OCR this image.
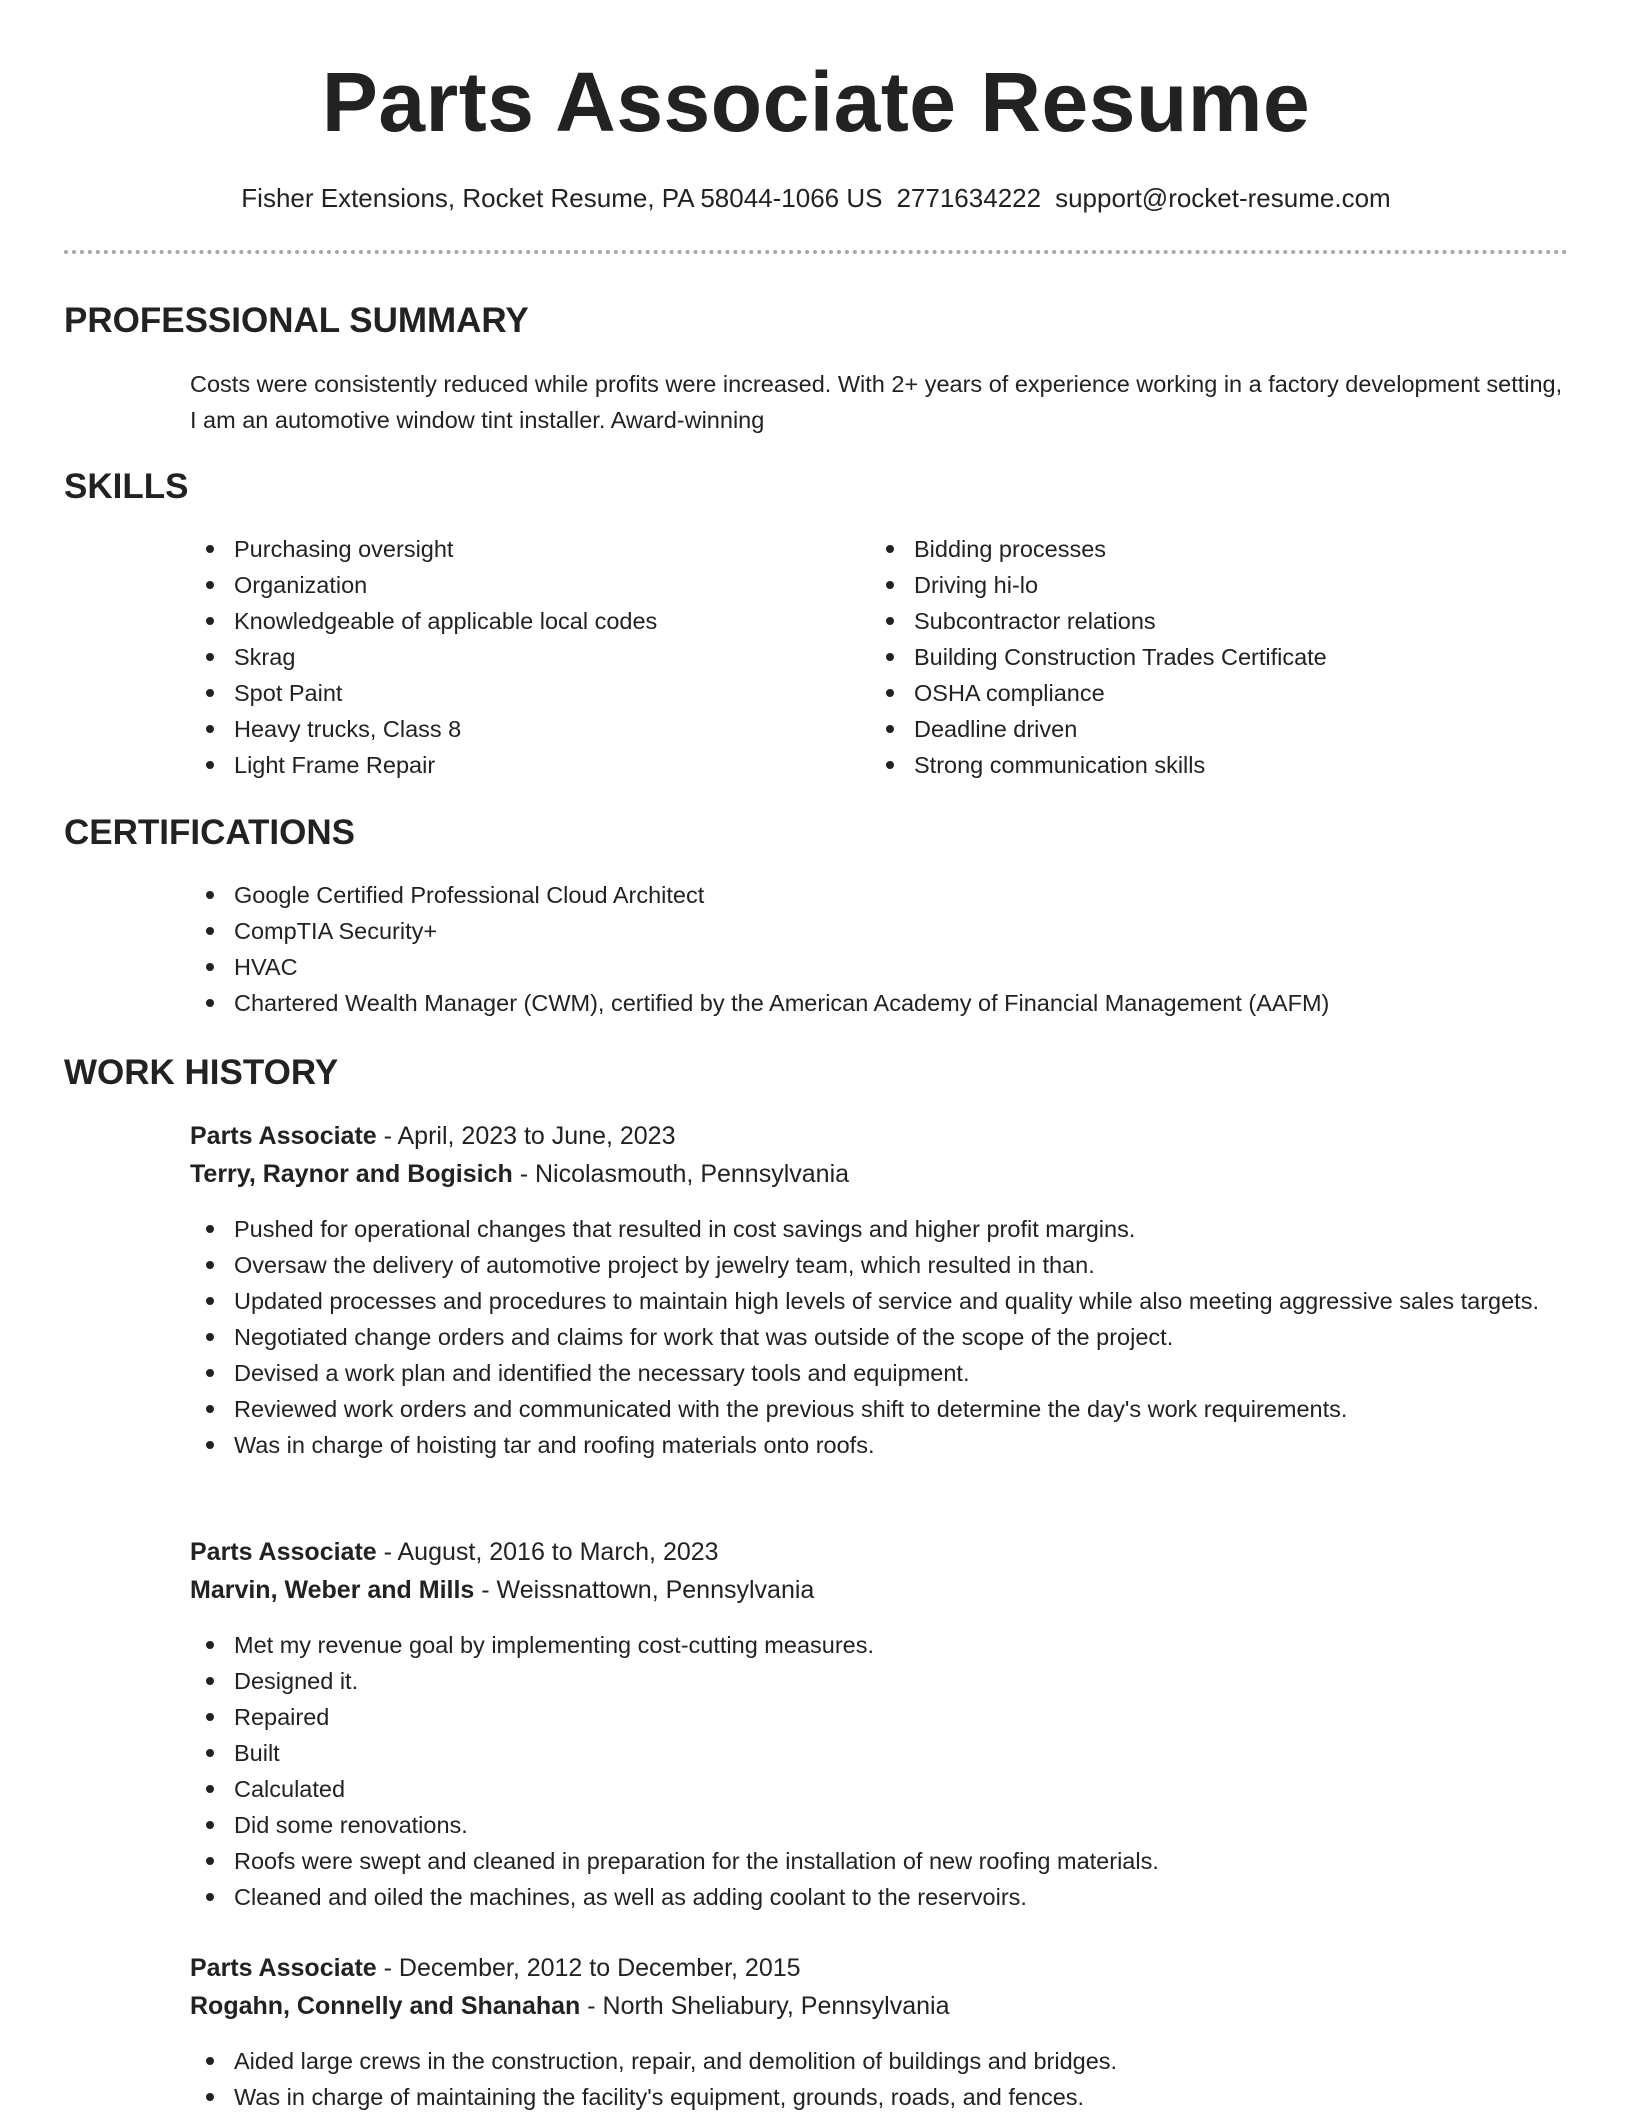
Parts Associate Resume
Fisher Extensions, Rocket Resume, PA 58044-1066 US 2771634222 support@rocket-resume.com
PROFESSIONAL SUMMARY
Costs were consistently reduced while profits were increased. With 2+ years of experience working in a factory development setting, I am an automotive window tint installer. Award-winning
SKILLS
Purchasing oversight
Organization
Knowledgeable of applicable local codes
Skrag
Spot Paint
Heavy trucks, Class 8
Light Frame Repair
Bidding processes
Driving hi-lo
Subcontractor relations
Building Construction Trades Certificate
OSHA compliance
Deadline driven
Strong communication skills
CERTIFICATIONS
Google Certified Professional Cloud Architect
CompTIA Security+
HVAC
Chartered Wealth Manager (CWM), certified by the American Academy of Financial Management (AAFM)
WORK HISTORY
Parts Associate - April, 2023 to June, 2023
Terry, Raynor and Bogisich - Nicolasmouth, Pennsylvania
Pushed for operational changes that resulted in cost savings and higher profit margins.
Oversaw the delivery of automotive project by jewelry team, which resulted in than.
Updated processes and procedures to maintain high levels of service and quality while also meeting aggressive sales targets.
Negotiated change orders and claims for work that was outside of the scope of the project.
Devised a work plan and identified the necessary tools and equipment.
Reviewed work orders and communicated with the previous shift to determine the day's work requirements.
Was in charge of hoisting tar and roofing materials onto roofs.
Parts Associate - August, 2016 to March, 2023
Marvin, Weber and Mills - Weissnattown, Pennsylvania
Met my revenue goal by implementing cost-cutting measures.
Designed it.
Repaired
Built
Calculated
Did some renovations.
Roofs were swept and cleaned in preparation for the installation of new roofing materials.
Cleaned and oiled the machines, as well as adding coolant to the reservoirs.
Parts Associate - December, 2012 to December, 2015
Rogahn, Connelly and Shanahan - North Sheliabury, Pennsylvania
Aided large crews in the construction, repair, and demolition of buildings and bridges.
Was in charge of maintaining the facility's equipment, grounds, roads, and fences.
